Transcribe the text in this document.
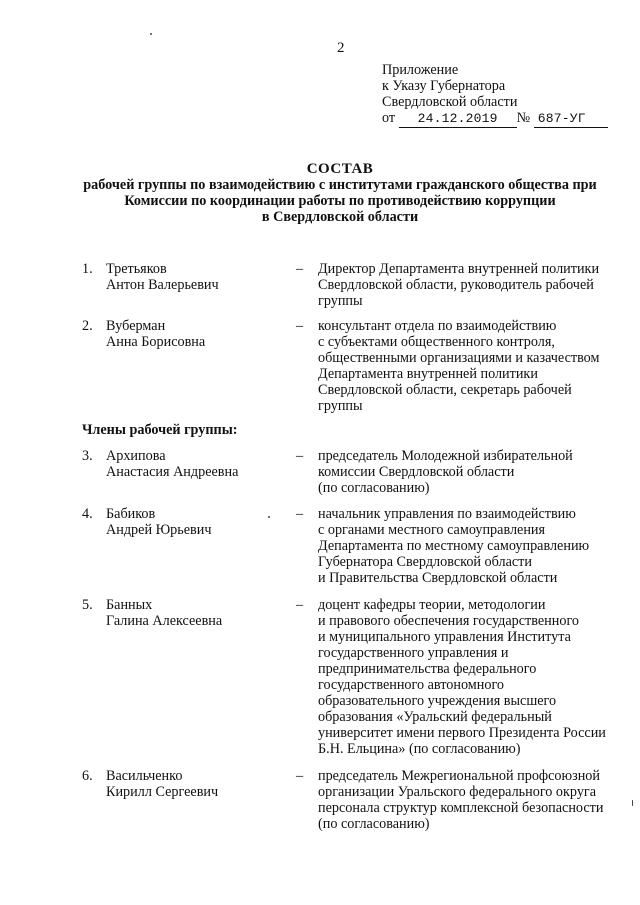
2
Приложение
к Указу Губернатора
Свердловской области
от 24.12.2019 № 687-УГ
СОСТАВ
рабочей группы по взаимодействию с институтами гражданского общества при
Комиссии по координации работы по противодействию коррупции
в Свердловской области
1. Третьяков
Антон Валерьевич
–	Директор Департамента внутренней политики
Свердловской области, руководитель рабочей
группы
2. Вуберман
Анна Борисовна
–	консультант отдела по взаимодействию
с субъектами общественного контроля,
общественными организациями и казачеством
Департамента внутренней политики
Свердловской области, секретарь рабочей
группы
Члены рабочей группы:
3. Архипова
Анастасия Андреевна
–	председатель Молодежной избирательной
комиссии Свердловской области
(по согласованию)
4. Бабиков
Андрей Юрьевич
–	начальник управления по взаимодействию
с органами местного самоуправления
Департамента по местному самоуправлению
Губернатора Свердловской области
и Правительства Свердловской области
5. Банных
Галина Алексеевна
–	доцент кафедры теории, методологии
и правового обеспечения государственного
и муниципального управления Института
государственного управления и
предпринимательства федерального
государственного автономного
образовательного учреждения высшего
образования «Уральский федеральный
университет имени первого Президента России
Б.Н. Ельцина» (по согласованию)
6. Васильченко
Кирилл Сергеевич
–	председатель Межрегиональной профсоюзной
организации Уральского федерального округа
персонала структур комплексной безопасности
(по согласованию)
